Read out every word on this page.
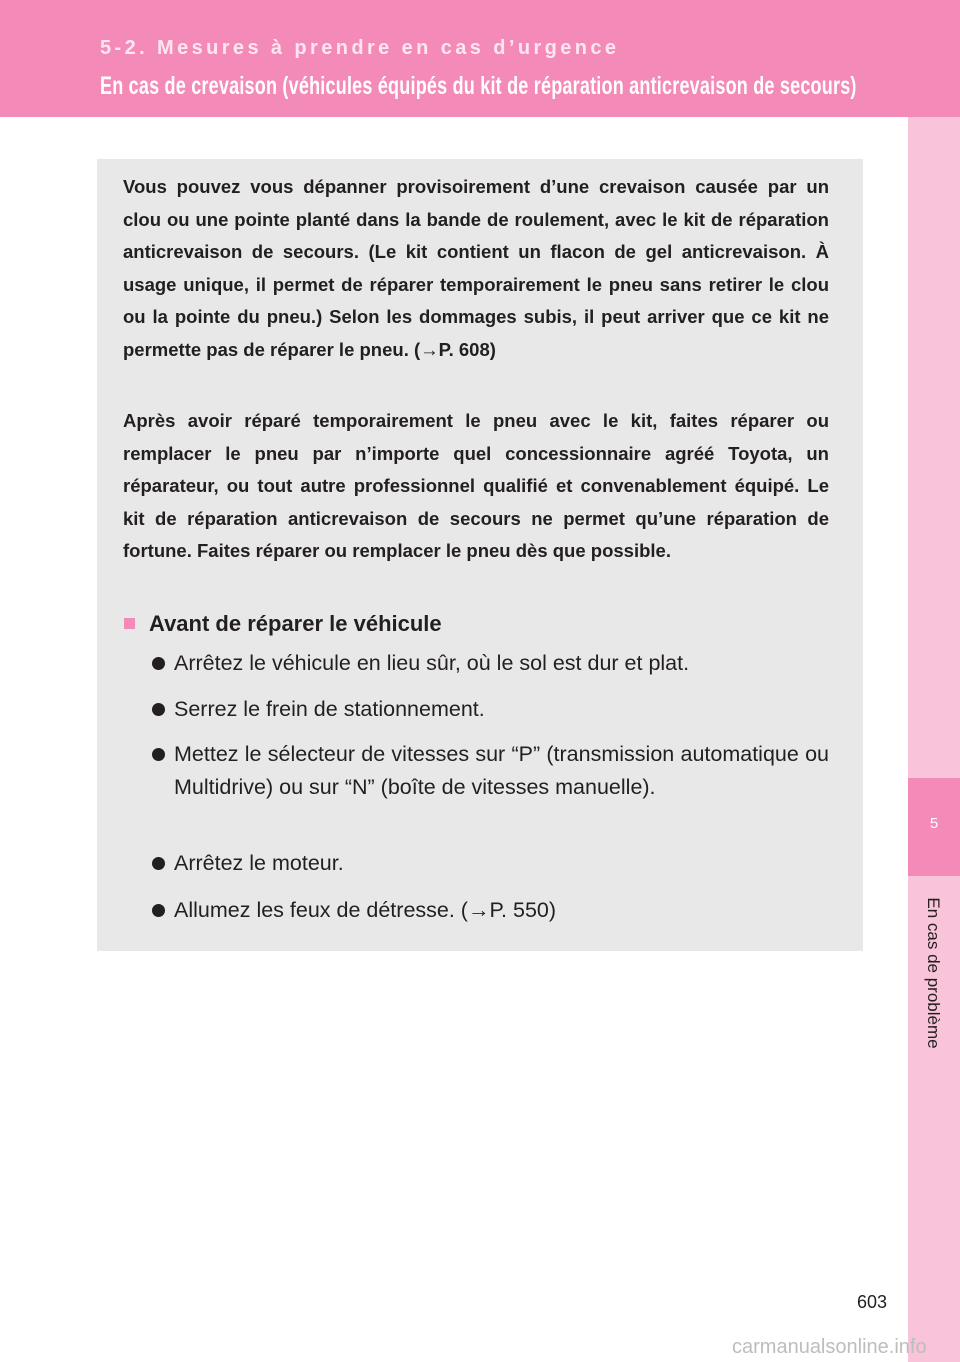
5-2. Mesures à prendre en cas d’urgence
En cas de crevaison (véhicules équipés du kit de réparation anticrevaison de secours)
5
En cas de problème

Vous pouvez vous dépanner provisoirement d’une crevaison causée par un clou ou une pointe planté dans la bande de roulement, avec le kit de réparation anticrevaison de secours. (Le kit contient un flacon de gel anticrevaison. À usage unique, il permet de réparer temporairement le pneu sans retirer le clou ou la pointe du pneu.) Selon les dommages subis, il peut arriver que ce kit ne permette pas de réparer le pneu. (→P. 608)

Après avoir réparé temporairement le pneu avec le kit, faites réparer ou remplacer le pneu par n’importe quel concessionnaire agréé Toyota, un réparateur, ou tout autre professionnel qualifié et convenablement équipé. Le kit de réparation anticrevaison de secours ne permet qu’une réparation de fortune. Faites réparer ou remplacer le pneu dès que possible.

Avant de réparer le véhicule
Arrêtez le véhicule en lieu sûr, où le sol est dur et plat.
Serrez le frein de stationnement.
Mettez le sélecteur de vitesses sur “P” (transmission automatique ou Multidrive) ou sur “N” (boîte de vitesses manuelle).
Arrêtez le moteur.
Allumez les feux de détresse. (→P. 550)
603
carmanualsonline.info
